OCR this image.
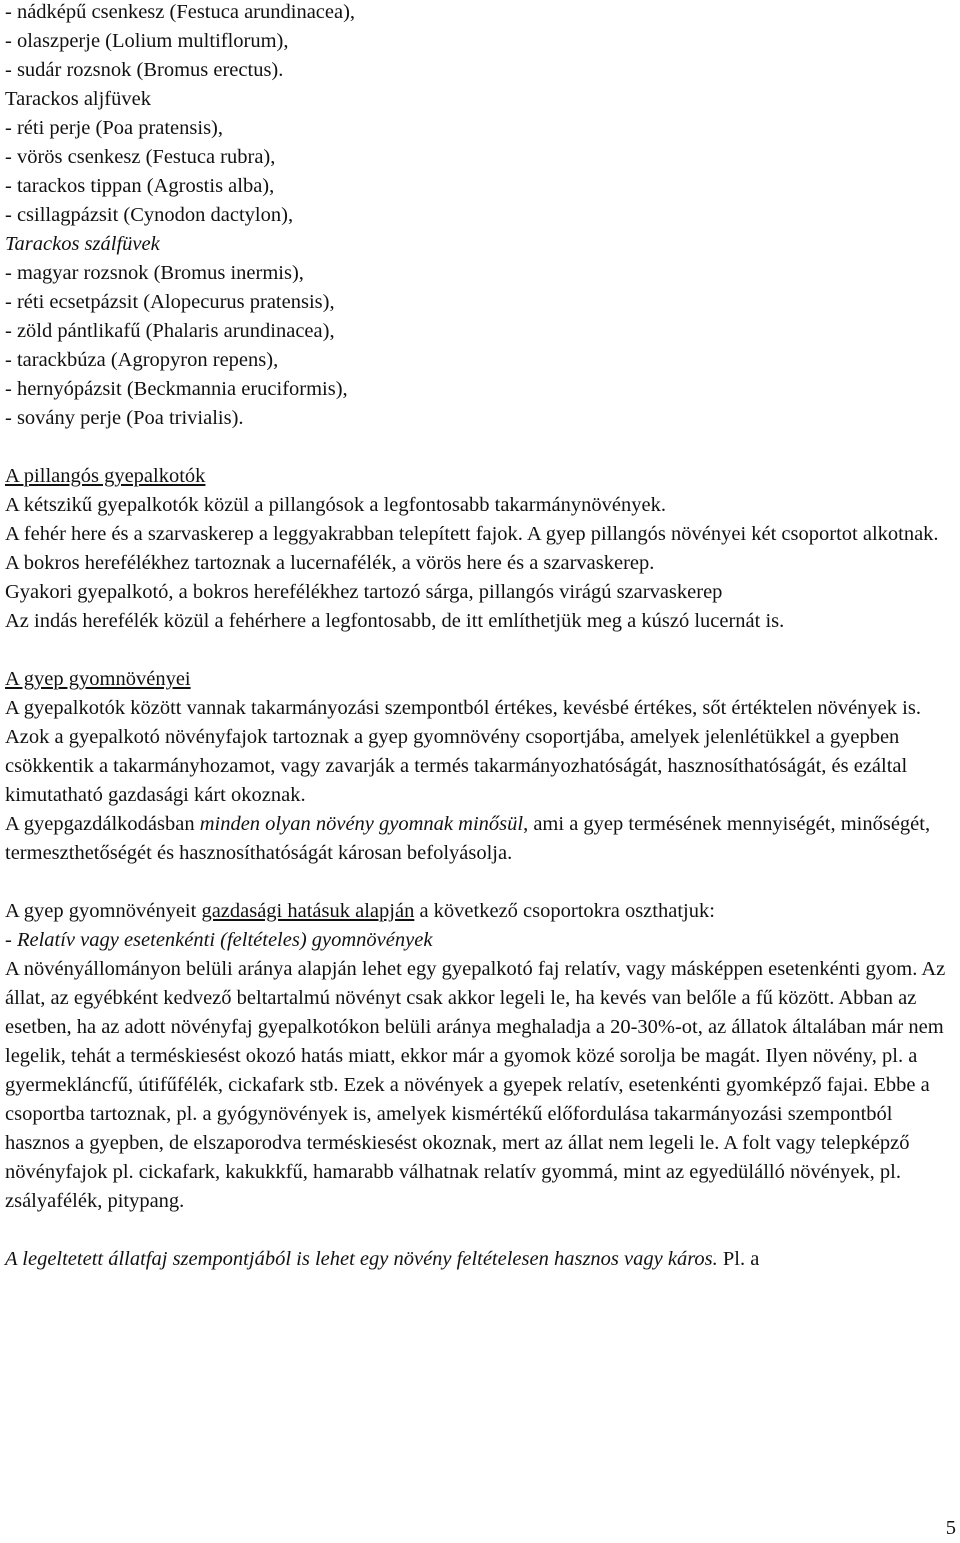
- nádképű csenkesz (Festuca arundinacea),
- olaszperje (Lolium multiflorum),
- sudár rozsnok (Bromus erectus).
Tarackos aljfüvek
- réti perje (Poa pratensis),
- vörös csenkesz (Festuca rubra),
- tarackos tippan (Agrostis alba),
- csillagpázsit (Cynodon dactylon),
Tarackos szálfüvek
- magyar rozsnok (Bromus inermis),
- réti ecsetpázsit (Alopecurus pratensis),
- zöld pántlikafű (Phalaris arundinacea),
- tarackbúza (Agropyron repens),
- hernyópázsit (Beckmannia eruciformis),
- sovány perje (Poa trivialis).
A pillangós gyepalkotók
A kétszikű gyepalkotók közül a pillangósok a legfontosabb takarmánynövények.
A fehér here és a szarvaskerep a leggyakrabban telepített fajok. A gyep pillangós növényei két csoportot alkotnak. A bokros herefélékhez tartoznak a lucernafélék, a vörös here és a szarvaskerep.
Gyakori gyepalkotó, a bokros herefélékhez tartozó sárga, pillangós virágú szarvaskerep
Az indás herefélék közül a fehérhere a legfontosabb, de itt említhetjük meg a kúszó lucernát is.
A gyep gyomnövényei
A gyepalkotók között vannak takarmányozási szempontból értékes, kevésbé értékes, sőt értéktelen növények is. Azok a gyepalkotó növényfajok tartoznak a gyep gyomnövény csoportjába, amelyek jelenlétükkel a gyepben csökkentik a takarmányhozamot, vagy zavarják a termés takarmányozhatóságát, hasznosíthatóságát, és ezáltal kimutatható gazdasági kárt okoznak.
A gyepgazdálkodásban minden olyan növény gyomnak minősül, ami a gyep termésének mennyiségét, minőségét, termeszthetőségét és hasznosíthatóságát károsan befolyásolja.
A gyep gyomnövényeit gazdasági hatásuk alapján a következő csoportokra oszthatjuk:
- Relatív vagy esetenkénti (feltételes) gyomnövények
A növényállományon belüli aránya alapján lehet egy gyepalkotó faj relatív, vagy másképpen esetenkénti gyom. Az állat, az egyébként kedvező beltartalmú növényt csak akkor legeli le, ha kevés van belőle a fű között. Abban az esetben, ha az adott növényfaj gyepalkotókon belüli aránya meghaladja a 20-30%-ot, az állatok általában már nem legelik, tehát a terméskiesést okozó hatás miatt, ekkor már a gyomok közé sorolja be magát. Ilyen növény, pl. a gyermekláncfű, útifűfélék, cickafark stb. Ezek a növények a gyepek relatív, esetenkénti gyomképző fajai. Ebbe a csoportba tartoznak, pl. a gyógynövények is, amelyek kismértékű előfordulása takarmányozási szempontból hasznos a gyepben, de elszaporodva terméskiesést okoznak, mert az állat nem legeli le. A folt vagy telepképző növényfajok pl. cickafark, kakukkfű, hamarabb válhatnak relatív gyommá, mint az egyedülálló növények, pl. zsályafélék, pitypang.
A legeltetett állatfaj szempontjából is lehet egy növény feltételesen hasznos vagy káros. Pl. a
5
